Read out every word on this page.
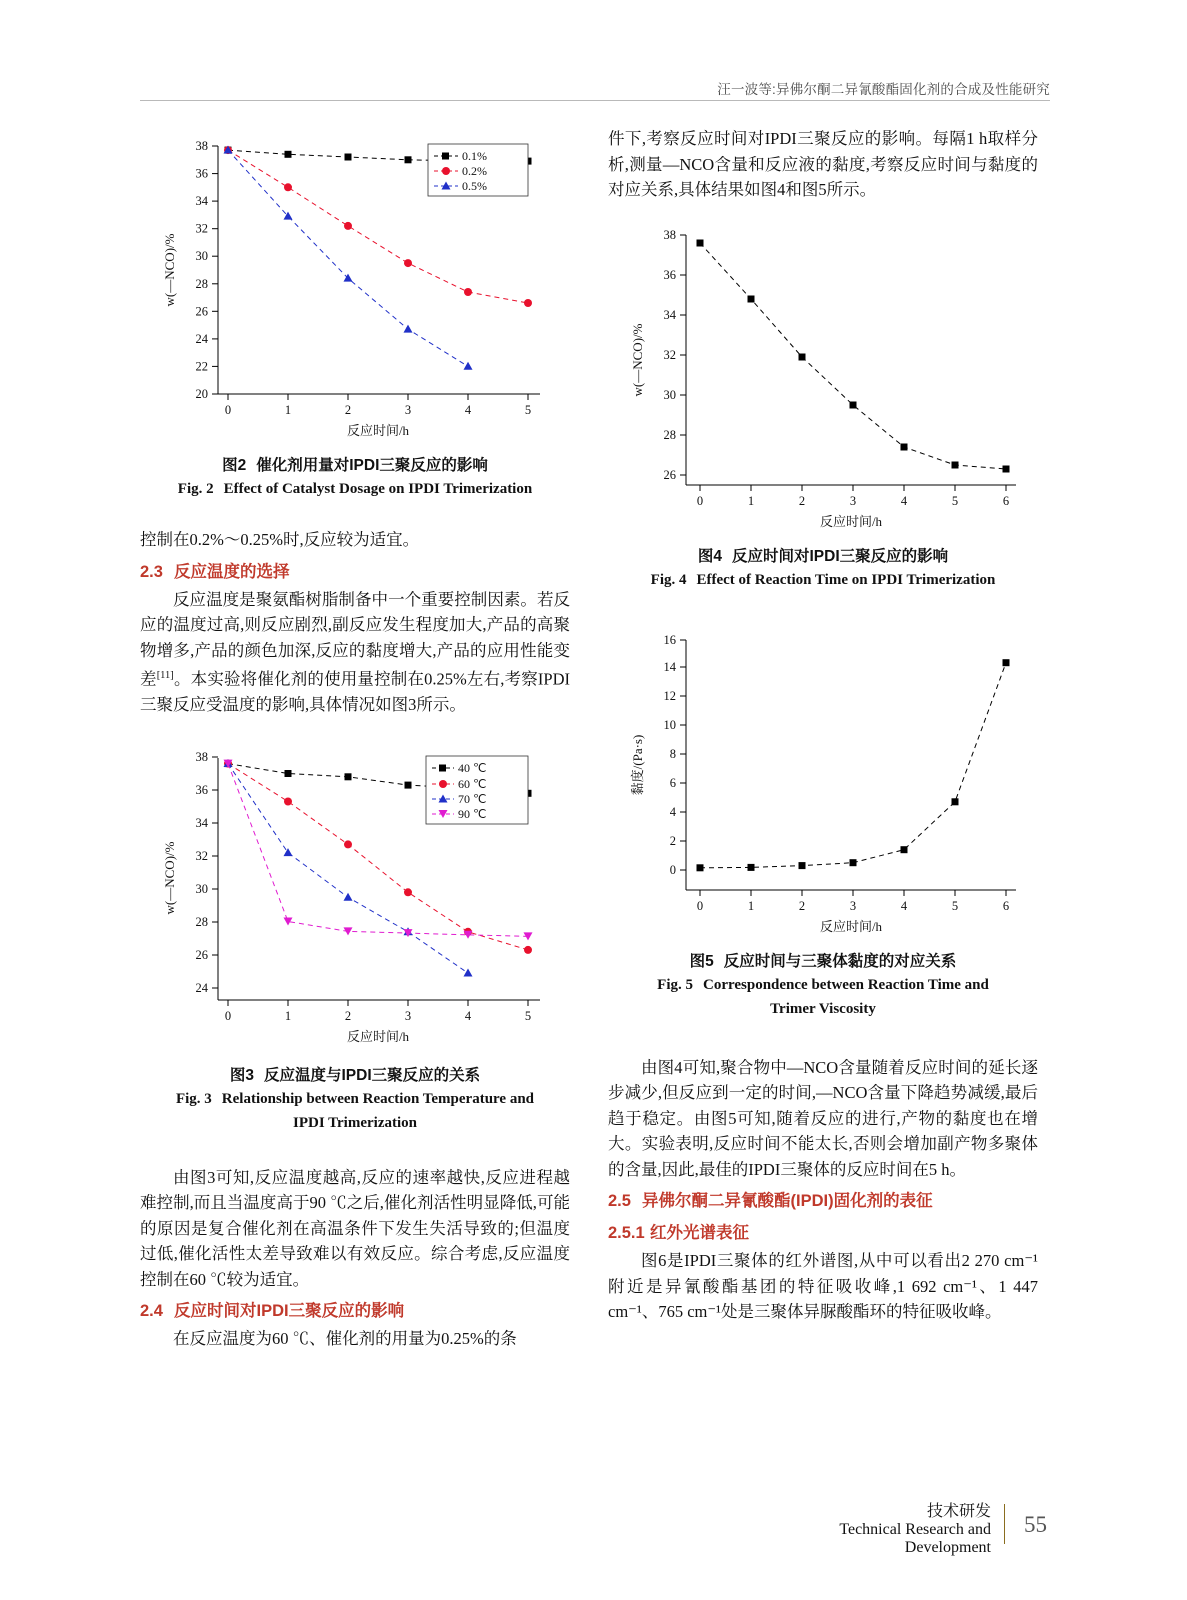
汪一波等:异佛尔酮二异氰酸酯固化剂的合成及性能研究
20
22
24
26
28
30
32
34
36
38
0	1	2	3	4	5
反应时间/h
w(—NCO)/%
0.1%
0.2%
0.5%
图2 催化剂用量对IPDI三聚反应的影响
Fig. 2 Effect of Catalyst Dosage on IPDI Trimerization

控制在0.2%～0.25%时,反应较为适宜。

2.3 反应温度的选择

反应温度是聚氨酯树脂制备中一个重要控制因素。若反应的温度过高,则反应剧烈,副反应发生程度加大,产品的高聚物增多,产品的颜色加深,反应的黏度增大,产品的应用性能变差[11]。本实验将催化剂的使用量控制在0.25%左右,考察IPDI三聚反应受温度的影响,具体情况如图3所示。

24
26
28
30
32
34
36
38
0	1	2	3	4	5
反应时间/h
w(—NCO)/%
40 ℃
60 ℃
70 ℃
90 ℃
图3 反应温度与IPDI三聚反应的关系
Fig. 3 Relationship between Reaction Temperature and
IPDI Trimerization

由图3可知,反应温度越高,反应的速率越快,反应进程越难控制,而且当温度高于90 ℃之后,催化剂活性明显降低,可能的原因是复合催化剂在高温条件下发生失活导致的;但温度过低,催化活性太差导致难以有效反应。综合考虑,反应温度控制在60 ℃较为适宜。

2.4 反应时间对IPDI三聚反应的影响

在反应温度为60 ℃、催化剂的用量为0.25%的条

件下,考察反应时间对IPDI三聚反应的影响。每隔1 h取样分析,测量—NCO含量和反应液的黏度,考察反应时间与黏度的对应关系,具体结果如图4和图5所示。

26
28
30
32
34
36
38
0	1	2	3	4	5	6
反应时间/h
w(—NCO)/%
图4 反应时间对IPDI三聚反应的影响
Fig. 4 Effect of Reaction Time on IPDI Trimerization
0
2
4
6
8
10
12
14
16
0	1	2	3	4	5	6
反应时间/h
黏度/(Pa·s)
图5 反应时间与三聚体黏度的对应关系
Fig. 5 Correspondence between Reaction Time and
Trimer Viscosity

由图4可知,聚合物中—NCO含量随着反应时间的延长逐步减少,但反应到一定的时间,—NCO含量下降趋势减缓,最后趋于稳定。由图5可知,随着反应的进行,产物的黏度也在增大。实验表明,反应时间不能太长,否则会增加副产物多聚体的含量,因此,最佳的IPDI三聚体的反应时间在5 h。

2.5 异佛尔酮二异氰酸酯(IPDI)固化剂的表征
2.5.1 红外光谱表征

图6是IPDI三聚体的红外谱图,从中可以看出2 270 cm⁻¹附近是异氰酸酯基团的特征吸收峰,1 692 cm⁻¹、1 447 cm⁻¹、765 cm⁻¹处是三聚体异脲酸酯环的特征吸收峰。

技术研发
Technical Research and Development
55
